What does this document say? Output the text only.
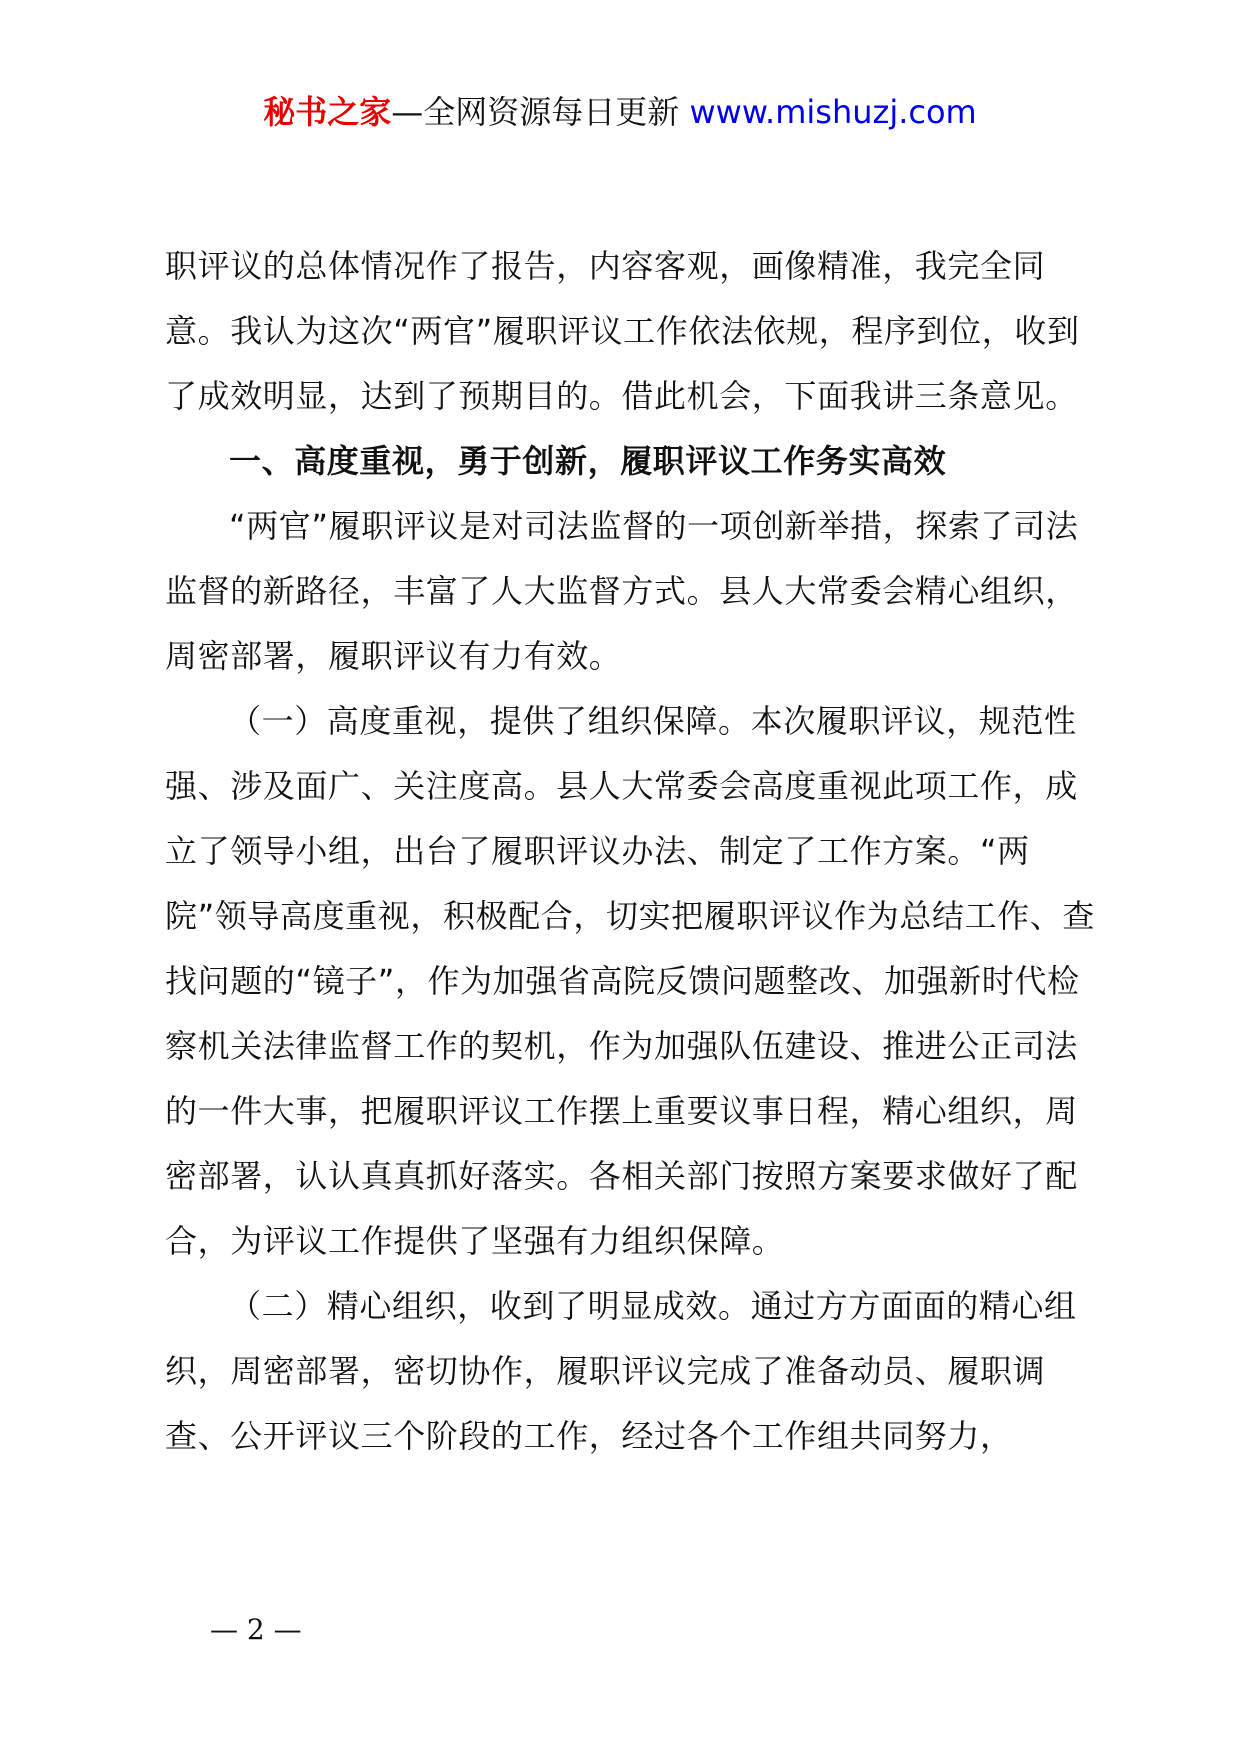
秘书之家—全网资源每日更新 www.mishuzj.com

职评议的总体情况作了报告，内容客观，画像精准，我完全同意。我认为这次“两官”履职评议工作依法依规，程序到位，收到了成效明显，达到了预期目的。借此机会，下面我讲三条意见。

一、高度重视，勇于创新，履职评议工作务实高效

“两官”履职评议是对司法监督的一项创新举措，探索了司法监督的新路径，丰富了人大监督方式。县人大常委会精心组织，周密部署，履职评议有力有效。

（一）高度重视，提供了组织保障。本次履职评议，规范性强、涉及面广、关注度高。县人大常委会高度重视此项工作，成立了领导小组，出台了履职评议办法、制定了工作方案。“两院”领导高度重视，积极配合，切实把履职评议作为总结工作、查找问题的“镜子”，作为加强省高院反馈问题整改、加强新时代检察机关法律监督工作的契机，作为加强队伍建设、推进公正司法的一件大事，把履职评议工作摆上重要议事日程，精心组织，周密部署，认认真真抓好落实。各相关部门按照方案要求做好了配合，为评议工作提供了坚强有力组织保障。

（二）精心组织，收到了明显成效。通过方方面面的精心组织，周密部署，密切协作，履职评议完成了准备动员、履职调查、公开评议三个阶段的工作，经过各个工作组共同努力，

— 2 —
